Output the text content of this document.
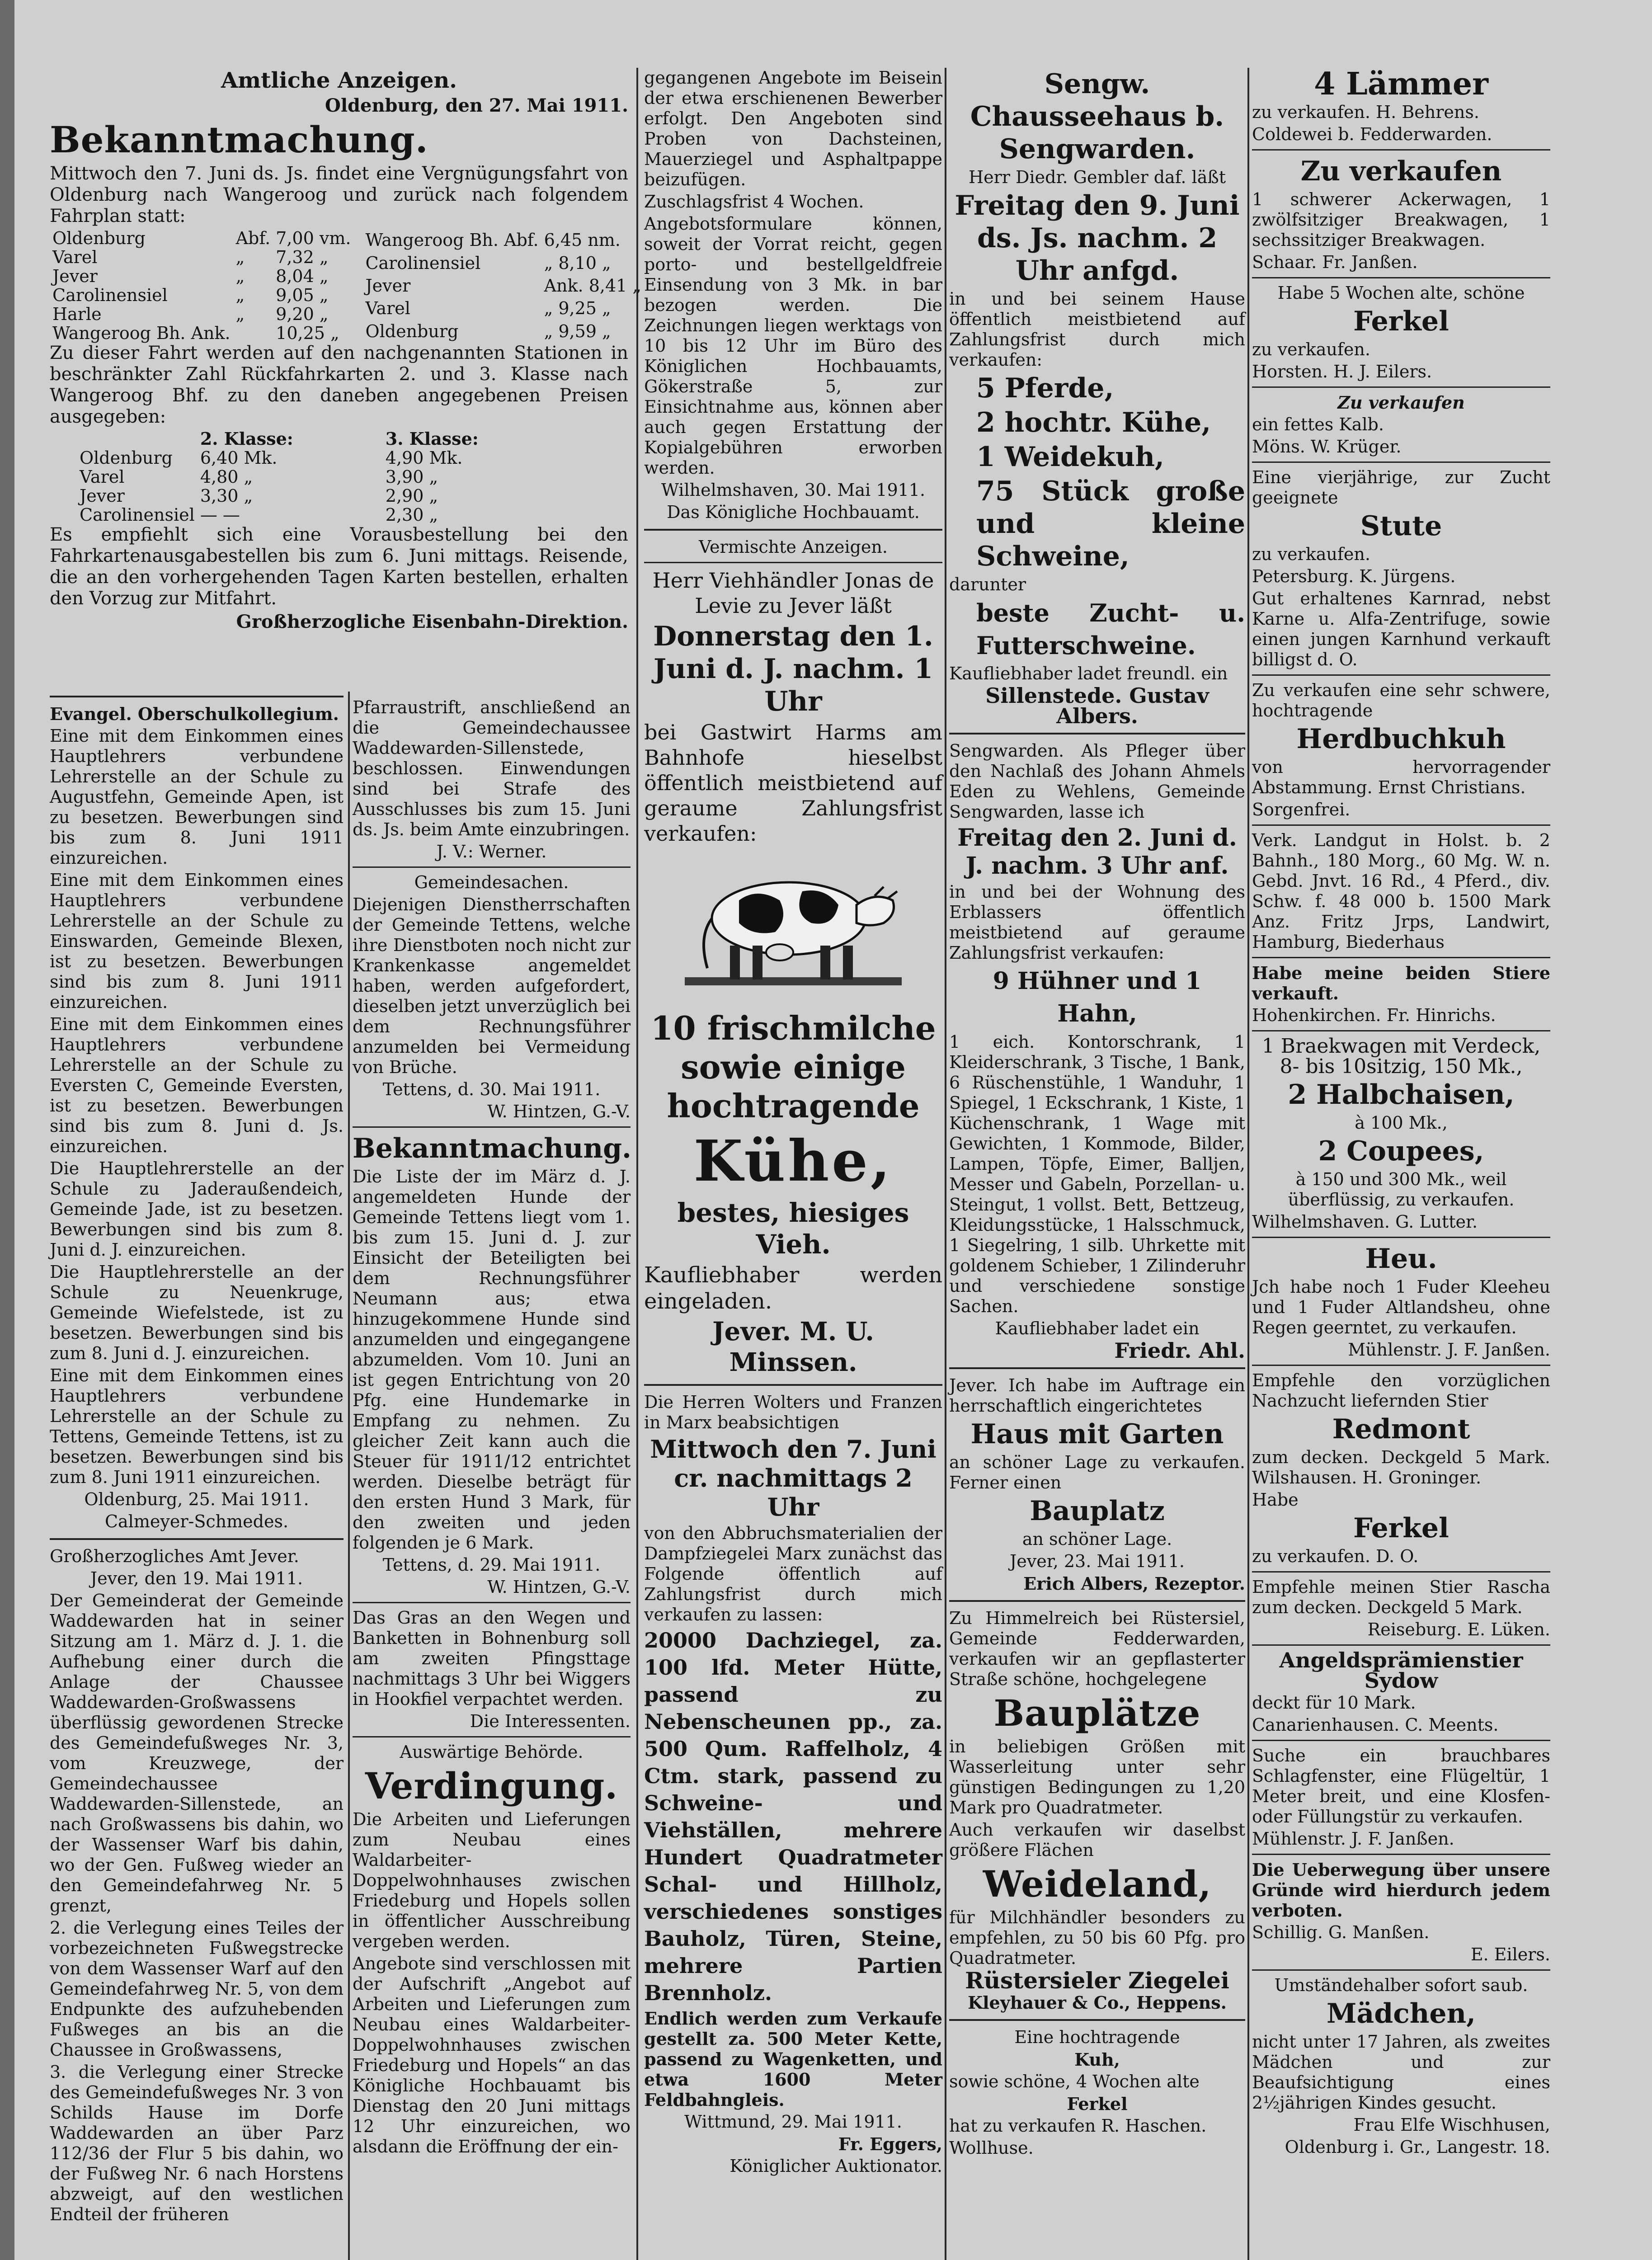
Amtliche Anzeigen.

Oldenburg, den 27. Mai 1911.

Bekanntmachung.

Mittwoch den 7. Juni ds. Js. findet eine Vergnügungsfahrt von Oldenburg nach Wangeroog und zurück nach folgendem Fahrplan statt:

Oldenburg	Abf.	7,00 vm.
Varel	„	7,32 „
Jever	„	8,04 „
Carolinensiel	„	9,05 „
Harle	„	9,20 „
Wangeroog Bh. Ank.		10,25 „
Wangeroog Bh. Abf.	6,45 nm.
Carolinensiel	„ 8,10 „
Jever	Ank. 8,41 „
Varel	„ 9,25 „
Oldenburg	„ 9,59 „

Zu dieser Fahrt werden auf den nachgenannten Stationen in beschränkter Zahl Rückfahrkarten 2. und 3. Klasse nach Wangeroog Bhf. zu den daneben angegebenen Preisen ausgegeben:

	2. Klasse:		3. Klasse:
Oldenburg	6,40 Mk.		4,90 Mk.
Varel	4,80 „		3,90 „
Jever	3,30 „		2,90 „
Carolinensiel	— —		2,30 „

Es empfiehlt sich eine Vorausbestellung bei den Fahrkartenausgabestellen bis zum 6. Juni mittags. Reisende, die an den vorhergehenden Tagen Karten bestellen, erhalten den Vorzug zur Mitfahrt.

Großherzogliche Eisenbahn-Direktion.

Evangel. Oberschulkollegium.

Eine mit dem Einkommen eines Hauptlehrers verbundene Lehrerstelle an der Schule zu Augustfehn, Gemeinde Apen, ist zu besetzen. Bewerbungen sind bis zum 8. Juni 1911 einzureichen.

Eine mit dem Einkommen eines Hauptlehrers verbundene Lehrerstelle an der Schule zu Einswarden, Gemeinde Blexen, ist zu besetzen. Bewerbungen sind bis zum 8. Juni 1911 einzureichen.

Eine mit dem Einkommen eines Hauptlehrers verbundene Lehrerstelle an der Schule zu Eversten C, Gemeinde Eversten, ist zu besetzen. Bewerbungen sind bis zum 8. Juni d. Js. einzureichen.

Die Hauptlehrerstelle an der Schule zu Jaderaußendeich, Gemeinde Jade, ist zu besetzen. Bewerbungen sind bis zum 8. Juni d. J. einzureichen.

Die Hauptlehrerstelle an der Schule zu Neuenkruge, Gemeinde Wiefelstede, ist zu besetzen. Bewerbungen sind bis zum 8. Juni d. J. einzureichen.

Eine mit dem Einkommen eines Hauptlehrers verbundene Lehrerstelle an der Schule zu Tettens, Gemeinde Tettens, ist zu besetzen. Bewerbungen sind bis zum 8. Juni 1911 einzureichen.

Oldenburg, 25. Mai 1911.

Calmeyer-Schmedes.

Großherzogliches Amt Jever.

Jever, den 19. Mai 1911.

Der Gemeinderat der Gemeinde Waddewarden hat in seiner Sitzung am 1. März d. J. 1. die Aufhebung einer durch die Anlage der Chaussee Waddewarden-Großwassens überflüssig gewordenen Strecke des Gemeindefußweges Nr. 3, vom Kreuzwege, der Gemeindechaussee Waddewarden-Sillenstede, an nach Großwassens bis dahin, wo der Wassenser Warf bis dahin, wo der Gen. Fußweg wieder an den Gemeindefahrweg Nr. 5 grenzt,

2. die Verlegung eines Teiles der vorbezeichneten Fußwegstrecke von dem Wassenser Warf auf den Gemeindefahrweg Nr. 5, von dem Endpunkte des aufzuhebenden Fußweges an bis an die Chaussee in Großwassens,

3. die Verlegung einer Strecke des Gemeindefußweges Nr. 3 von Schilds Hause im Dorfe Waddewarden an über Parz 112/36 der Flur 5 bis dahin, wo der Fußweg Nr. 6 nach Horstens abzweigt, auf den westlichen Endteil der früheren

Pfarraustrift, anschließend an die Gemeindechaussee Waddewarden-Sillenstede, beschlossen. Einwendungen sind bei Strafe des Ausschlusses bis zum 15. Juni ds. Js. beim Amte einzubringen.

J. V.: Werner.

Gemeindesachen.

Diejenigen Dienstherrschaften der Gemeinde Tettens, welche ihre Dienstboten noch nicht zur Krankenkasse angemeldet haben, werden aufgefordert, dieselben jetzt unverzüglich bei dem Rechnungsführer anzumelden bei Vermeidung von Brüche.

Tettens, d. 30. Mai 1911.

W. Hintzen, G.-V.

Bekanntmachung.

Die Liste der im März d. J. angemeldeten Hunde der Gemeinde Tettens liegt vom 1. bis zum 15. Juni d. J. zur Einsicht der Beteiligten bei dem Rechnungsführer Neumann aus; etwa hinzugekommene Hunde sind anzumelden und eingegangene abzumelden. Vom 10. Juni an ist gegen Entrichtung von 20 Pfg. eine Hundemarke in Empfang zu nehmen. Zu gleicher Zeit kann auch die Steuer für 1911/12 entrichtet werden. Dieselbe beträgt für den ersten Hund 3 Mark, für den zweiten und jeden folgenden je 6 Mark.

Tettens, d. 29. Mai 1911.

W. Hintzen, G.-V.

Das Gras an den Wegen und Banketten in Bohnenburg soll am zweiten Pfingsttage nachmittags 3 Uhr bei Wiggers in Hookfiel verpachtet werden.

Die Interessenten.

Auswärtige Behörde.

Verdingung.

Die Arbeiten und Lieferungen zum Neubau eines Waldarbeiter-Doppelwohnhauses zwischen Friedeburg und Hopels sollen in öffentlicher Ausschreibung vergeben werden.

Angebote sind verschlossen mit der Aufschrift „Angebot auf Arbeiten und Lieferungen zum Neubau eines Waldarbeiter-Doppelwohnhauses zwischen Friedeburg und Hopels“ an das Königliche Hochbauamt bis Dienstag den 20 Juni mittags 12 Uhr einzureichen, wo alsdann die Eröffnung der ein-

gegangenen Angebote im Beisein der etwa erschienenen Bewerber erfolgt. Den Angeboten sind Proben von Dachsteinen, Mauerziegel und Asphaltpappe beizufügen.

Zuschlagsfrist 4 Wochen.

Angebotsformulare können, soweit der Vorrat reicht, gegen porto- und bestellgeldfreie Einsendung von 3 Mk. in bar bezogen werden. Die Zeichnungen liegen werktags von 10 bis 12 Uhr im Büro des Königlichen Hochbauamts, Gökerstraße 5, zur Einsichtnahme aus, können aber auch gegen Erstattung der Kopialgebühren erworben werden.

Wilhelmshaven, 30. Mai 1911.

Das Königliche Hochbauamt.

Vermischte Anzeigen.

Herr Viehhändler Jonas de Levie zu Jever läßt

Donnerstag den 1. Juni d. J. nachm. 1 Uhr

bei Gastwirt Harms am Bahnhofe hieselbst öffentlich meistbietend auf geraume Zahlungsfrist verkaufen:

10 frischmilche sowie einige hochtragende

Kühe,

bestes, hiesiges Vieh.

Kaufliebhaber werden eingeladen.

Jever. M. U. Minssen.

Die Herren Wolters und Franzen in Marx beabsichtigen

Mittwoch den 7. Juni cr. nachmittags 2 Uhr

von den Abbruchsmaterialien der Dampfziegelei Marx zunächst das Folgende öffentlich auf Zahlungsfrist durch mich verkaufen zu lassen:

20000 Dachziegel, za. 100 lfd. Meter Hütte, passend zu Nebenscheunen pp., za. 500 Qum. Raffelholz, 4 Ctm. stark, passend zu Schweine- und Viehställen, mehrere Hundert Quadratmeter Schal- und Hillholz, verschiedenes sonstiges Bauholz, Türen, Steine, mehrere Partien Brennholz.

Endlich werden zum Verkaufe gestellt za. 500 Meter Kette, passend zu Wagenketten, und etwa 1600 Meter Feldbahngleis.

Wittmund, 29. Mai 1911.

Fr. Eggers,

Königlicher Auktionator.

Sengw. Chausseehaus b. Sengwarden.

Herr Diedr. Gembler daf. läßt

Freitag den 9. Juni ds. Js. nachm. 2 Uhr anfgd.

in und bei seinem Hause öffentlich meistbietend auf Zahlungsfrist durch mich verkaufen:

5 Pferde,

2 hochtr. Kühe,

1 Weidekuh,

75 Stück große und kleine Schweine,

darunter

beste Zucht- u. Futterschweine.

Kaufliebhaber ladet freundl. ein

Sillenstede. Gustav Albers.

Sengwarden. Als Pfleger über den Nachlaß des Johann Ahmels Eden zu Wehlens, Gemeinde Sengwarden, lasse ich

Freitag den 2. Juni d. J. nachm. 3 Uhr anf.

in und bei der Wohnung des Erblassers öffentlich meistbietend auf geraume Zahlungsfrist verkaufen:

9 Hühner und 1 Hahn,

1 eich. Kontorschrank, 1 Kleiderschrank, 3 Tische, 1 Bank, 6 Rüschenstühle, 1 Wanduhr, 1 Spiegel, 1 Eckschrank, 1 Kiste, 1 Küchenschrank, 1 Wage mit Gewichten, 1 Kommode, Bilder, Lampen, Töpfe, Eimer, Balljen, Messer und Gabeln, Porzellan- u. Steingut, 1 vollst. Bett, Bettzeug, Kleidungsstücke, 1 Halsschmuck, 1 Siegelring, 1 silb. Uhrkette mit goldenem Schieber, 1 Zilinderuhr und verschiedene sonstige Sachen.

Kaufliebhaber ladet ein

Friedr. Ahl.

Jever. Ich habe im Auftrage ein herrschaftlich eingerichtetes

Haus mit Garten

an schöner Lage zu verkaufen. Ferner einen

Bauplatz

an schöner Lage.

Jever, 23. Mai 1911.

Erich Albers, Rezeptor.

Zu Himmelreich bei Rüstersiel, Gemeinde Fedderwarden, verkaufen wir an gepflasterter Straße schöne, hochgelegene

Bauplätze

in beliebigen Größen mit Wasserleitung unter sehr günstigen Bedingungen zu 1,20 Mark pro Quadratmeter.

Auch verkaufen wir daselbst größere Flächen

Weideland,

für Milchhändler besonders zu empfehlen, zu 50 bis 60 Pfg. pro Quadratmeter.

Rüstersieler Ziegelei

Kleyhauer & Co., Heppens.

Eine hochtragende

Kuh,

sowie schöne, 4 Wochen alte

Ferkel

hat zu verkaufen R. Haschen.

Wollhuse.

4 Lämmer

zu verkaufen. H. Behrens.

Coldewei b. Fedderwarden.

Zu verkaufen

1 schwerer Ackerwagen, 1 zwölfsitziger Breakwagen, 1 sechssitziger Breakwagen.

Schaar. Fr. Janßen.

Habe 5 Wochen alte, schöne

Ferkel

zu verkaufen.

Horsten. H. J. Eilers.

Zu verkaufen

ein fettes Kalb.

Möns. W. Krüger.

Eine vierjährige, zur Zucht geeignete

Stute

zu verkaufen.

Petersburg. K. Jürgens.

Gut erhaltenes Karnrad, nebst Karne u. Alfa-Zentrifuge, sowie einen jungen Karnhund verkauft billigst d. O.

Zu verkaufen eine sehr schwere, hochtragende

Herdbuchkuh

von hervorragender Abstammung. Ernst Christians.

Sorgenfrei.

Verk. Landgut in Holst. b. 2 Bahnh., 180 Morg., 60 Mg. W. n. Gebd. Jnvt. 16 Rd., 4 Pferd., div. Schw. f. 48 000 b. 1500 Mark Anz. Fritz Jrps, Landwirt, Hamburg, Biederhaus

Habe meine beiden Stiere verkauft.

Hohenkirchen. Fr. Hinrichs.

1 Braekwagen mit Verdeck, 8- bis 10sitzig, 150 Mk.,

2 Halbchaisen,

à 100 Mk.,

2 Coupees,

à 150 und 300 Mk., weil überflüssig, zu verkaufen.

Wilhelmshaven. G. Lutter.

Heu.

Jch habe noch 1 Fuder Kleeheu und 1 Fuder Altlandsheu, ohne Regen geerntet, zu verkaufen.

Mühlenstr. J. F. Janßen.

Empfehle den vorzüglichen Nachzucht liefernden Stier

Redmont

zum decken. Deckgeld 5 Mark. Wilshausen. H. Groninger.

Habe

Ferkel

zu verkaufen. D. O.

Empfehle meinen Stier Rascha zum decken. Deckgeld 5 Mark.

Reiseburg. E. Lüken.

Angeldsprämienstier Sydow

deckt für 10 Mark.

Canarienhausen. C. Meents.

Suche ein brauchbares Schlagfenster, eine Flügeltür, 1 Meter breit, und eine Klosfen- oder Füllungstür zu verkaufen.

Mühlenstr. J. F. Janßen.

Die Ueberwegung über unsere Gründe wird hierdurch jedem verboten.

Schillig. G. Manßen.

E. Eilers.

Umständehalber sofort saub.

Mädchen,

nicht unter 17 Jahren, als zweites Mädchen und zur Beaufsichtigung eines 2½jährigen Kindes gesucht.

Frau Elfe Wischhusen,

Oldenburg i. Gr., Langestr. 18.
